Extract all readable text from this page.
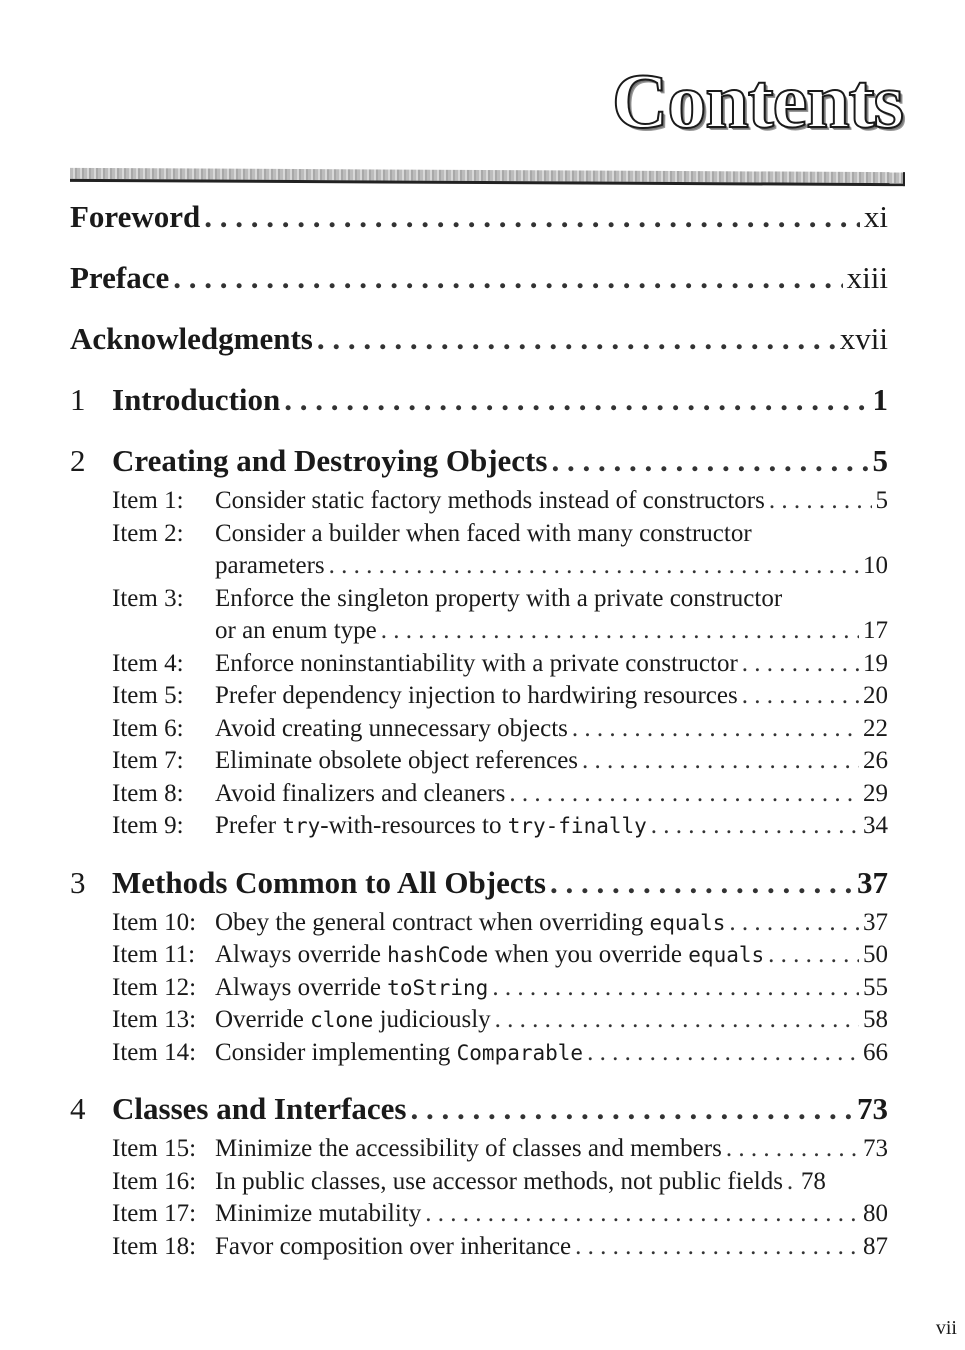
Contents
Foreword . . .	xi
Preface . . .	xiii
Acknowledgments . . .	xvii
1 Introduction . . .	1
2 Creating and Destroying Objects . . .	5
Item 1:	Consider static factory methods instead of constructors . . .	5
Item 2:	Consider a builder when faced with many constructor
parameters . . .	10
Item 3:	Enforce the singleton property with a private constructor
or an enum type . . .	17
Item 4:	Enforce noninstantiability with a private constructor . . .	19
Item 5:	Prefer dependency injection to hardwiring resources . . .	20
Item 6:	Avoid creating unnecessary objects . . .	22
Item 7:	Eliminate obsolete object references . . .	26
Item 8:	Avoid finalizers and cleaners . . .	29
Item 9:	Prefer try-with-resources to try-finally . . .	34
3 Methods Common to All Objects . . .	37
Item 10: Obey the general contract when overriding equals . . .	37
Item 11: Always override hashCode when you override equals . . .	50
Item 12: Always override toString . . .	55
Item 13: Override clone judiciously . . .	58
Item 14: Consider implementing Comparable . . .	66
4 Classes and Interfaces . . .	73
Item 15: Minimize the accessibility of classes and members . . .	73
Item 16: In public classes, use accessor methods, not public fields . . . 78
Item 17: Minimize mutability . . .	80
Item 18: Favor composition over inheritance . . .	87
vii
